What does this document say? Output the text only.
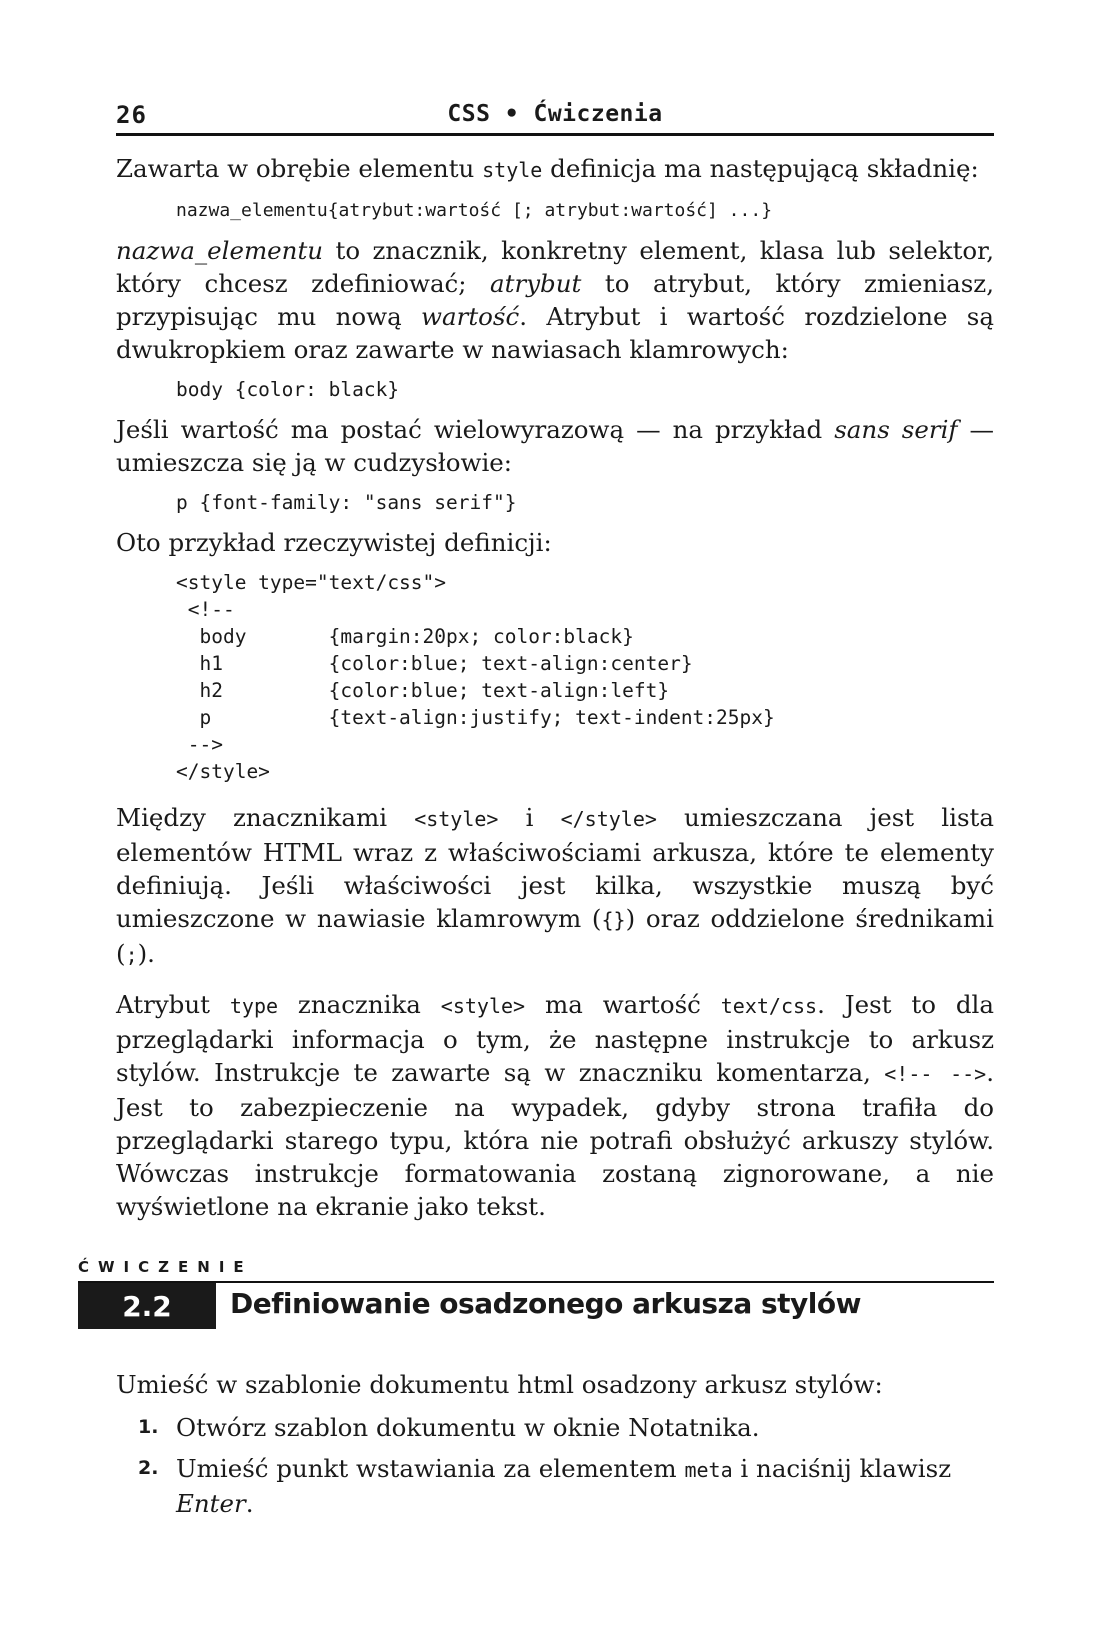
26	CSS • Ćwiczenia

Zawarta w obrębie elementu style definicja ma następującą składnię:

nazwa_elementu{atrybut:wartość [; atrybut:wartość] ...}

nazwa_elementu to znacznik, konkretny element, klasa lub selektor, który chcesz zdefiniować; atrybut to atrybut, który zmieniasz, przypisując mu nową wartość. Atrybut i wartość rozdzielone są dwukropkiem oraz zawarte w nawiasach klamrowych:

body {color: black}

Jeśli wartość ma postać wielowyrazową — na przykład sans serif — umieszcza się ją w cudzysłowie:

p {font-family: "sans serif"}

Oto przykład rzeczywistej definicji:

<style type="text/css">
<!--
body       {margin:20px; color:black}
h1         {color:blue; text-align:center}
h2         {color:blue; text-align:left}
p          {text-align:justify; text-indent:25px}
-->
</style>

Między znacznikami <style> i </style> umieszczana jest lista elementów HTML wraz z właściwościami arkusza, które te elementy definiują. Jeśli właściwości jest kilka, wszystkie muszą być umieszczone w nawiasie klamrowym ({}) oraz oddzielone średnikami (;).

Atrybut type znacznika <style> ma wartość text/css. Jest to dla przeglądarki informacja o tym, że następne instrukcje to arkusz stylów. Instrukcje te zawarte są w znaczniku komentarza, <!-- -->. Jest to zabezpieczenie na wypadek, gdyby strona trafiła do przeglądarki starego typu, która nie potrafi obsłużyć arkuszy stylów. Wówczas instrukcje formatowania zostaną zignorowane, a nie wyświetlone na ekranie jako tekst.

ĆWICZENIE
2.2	Definiowanie osadzonego arkusza stylów

Umieść w szablonie dokumentu html osadzony arkusz stylów:

1. Otwórz szablon dokumentu w oknie Notatnika.
2. Umieść punkt wstawiania za elementem meta i naciśnij klawisz Enter.
